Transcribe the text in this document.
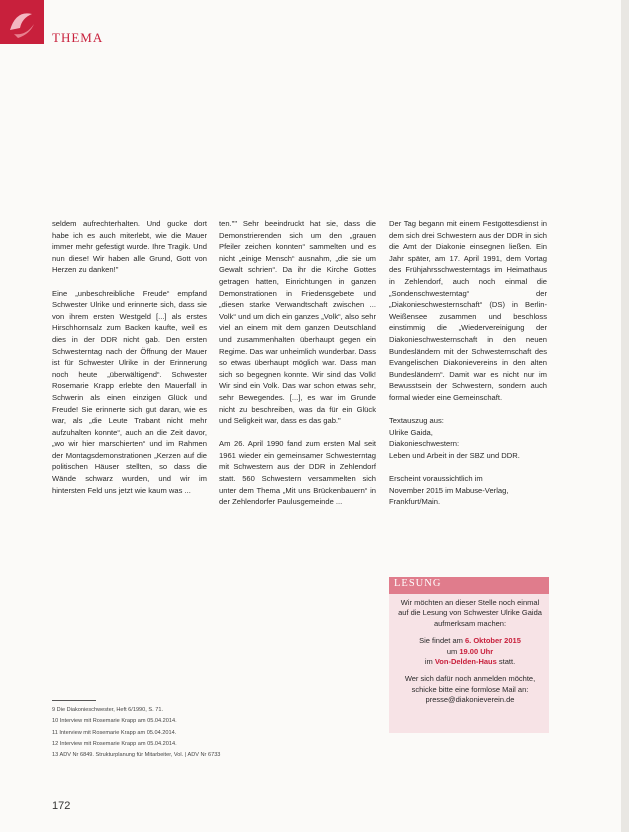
THEMA

seldem aufrechterhalten. Und gucke dort habe ich es auch miterlebt, wie die Mauer immer mehr gefestigt wurde. Ihre Tragik. Und nun diese! Wir haben alle Grund, Gott von Herzen zu danken!"

Eine „unbeschreibliche Freude“ empfand Schwester Ulrike und erinnerte sich, dass sie von ihrem ersten Westgeld [...] als erstes Hirschhornsalz zum Backen kaufte, weil es dies in der DDR nicht gab. Den ersten Schwesterntag nach der Öffnung der Mauer ist für Schwester Ulrike in der Erinnerung noch heute „überwältigend“. Schwester Rosemarie Krapp erlebte den Mauerfall in Schwerin als einen einzigen Glück und Freude! Sie erinnerte sich gut daran, wie es war, als „die Leute Trabant nicht mehr aufzuhalten konnte“, auch an die Zeit davor, „wo wir hier marschierten“ und im Rahmen der Montagsdemonstrationen „Kerzen auf die politischen Häuser stellten, so dass die Wände schwarz wurden, und wir im hintersten Feld uns jetzt wie kaum was ...

ten."" Sehr beeindruckt hat sie, dass die Demonstrierenden sich um den „grauen Pfeiler zeichen konnten“ sammelten und es nicht „einige Mensch“ ausnahm, „die sie um Gewalt schrien“. Da ihr die Kirche Gottes getragen hatten, Einrichtungen in ganzen Demonstrationen in Friedensgebete und „diesen starke Verwandtschaft zwischen ... Volk“ und um dich ein ganzes „Volk“, also sehr viel an einem mit dem ganzen Deutschland und zusammenhalten überhaupt gegen ein Regime. Das war unheimlich wunderbar. Dass so etwas überhaupt möglich war. Dass man sich so begegnen konnte. Wir sind das Volk! Wir sind ein Volk. Das war schon etwas sehr, sehr Bewegendes. [...], es war im Grunde nicht zu beschreiben, was da für ein Glück und Seligkeit war, dass es das gab."

Am 26. April 1990 fand zum ersten Mal seit 1961 wieder ein gemeinsamer Schwesterntag mit Schwestern aus der DDR in Zehlendorf statt. 560 Schwestern versammelten sich unter dem Thema „Mit uns Brückenbauern“ in der Zehlendorfer Paulusgemeinde ...

Der Tag begann mit einem Festgottesdienst in dem sich drei Schwestern aus der DDR in sich die Amt der Diakonie einsegnen ließen. Ein Jahr später, am 17. April 1991, dem Vortag des Frühjahrsschwesterntags im Heimathaus in Zehlendorf, auch noch einmal die „Sondenschwesterntag“ der „Diakonieschwesternschaft“ (DS) in Berlin-Weißensee zusammen und beschloss einstimmig die „Wiedervereinigung der Diakonieschwesternschaft in den neuen Bundesländern mit der Schwesternschaft des Evangelischen Diakonievereins in den alten Bundesländern“. Damit war es nicht nur im Bewusstsein der Schwestern, sondern auch formal wieder eine Gemeinschaft.

Textauszug aus:
Ulrike Gaida,
Diakonieschwestern:
Leben und Arbeit in der SBZ und DDR.

Erscheint voraussichtlich im
November 2015 im Mabuse-Verlag,
Frankfurt/Main.

LESUNG

Wir möchten an dieser Stelle noch einmal auf die Lesung von Schwester Ulrike Gaida aufmerksam machen:

Sie findet am 6. Oktober 2015
um 19.00 Uhr
im Von-Delden-Haus statt.

Wer sich dafür noch anmelden möchte, schicke bitte eine formlose Mail an:
presse@diakonieverein.de

9 Die Diakonieschwester, Heft 6/1990, S. 71.
10 Interview mit Rosemarie Krapp am 05.04.2014.
11 Interview mit Rosemarie Krapp am 05.04.2014.
12 Interview mit Rosemarie Krapp am 05.04.2014.
13 ADV Nr 6849. Strukturplanung für Mitarbeiter, Vol. | ADV Nr 6733
172
